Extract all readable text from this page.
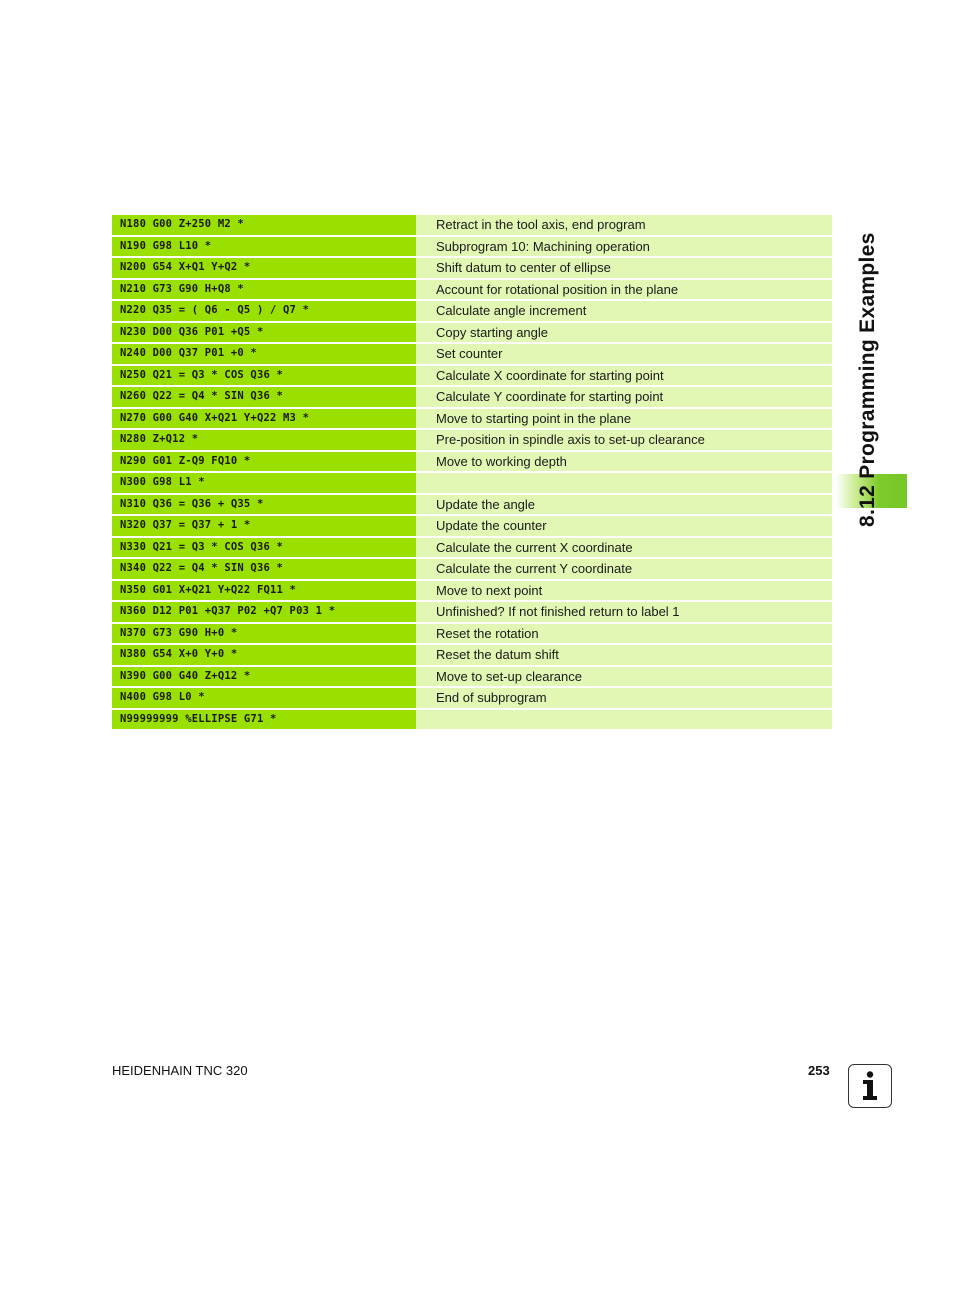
N180 G00 Z+250 M2 *	Retract in the tool axis, end program
N190 G98 L10 *	Subprogram 10: Machining operation
N200 G54 X+Q1 Y+Q2 *	Shift datum to center of ellipse
N210 G73 G90 H+Q8 *	Account for rotational position in the plane
N220 Q35 = ( Q6 - Q5 ) / Q7 *	Calculate angle increment
N230 D00 Q36 P01 +Q5 *	Copy starting angle
N240 D00 Q37 P01 +0 *	Set counter
N250 Q21 = Q3 * COS Q36 *	Calculate X coordinate for starting point
N260 Q22 = Q4 * SIN Q36 *	Calculate Y coordinate for starting point
N270 G00 G40 X+Q21 Y+Q22 M3 *	Move to starting point in the plane
N280 Z+Q12 *	Pre-position in spindle axis to set-up clearance
N290 G01 Z-Q9 FQ10 *	Move to working depth
N300 G98 L1 *
N310 Q36 = Q36 + Q35 *	Update the angle
N320 Q37 = Q37 + 1 *	Update the counter
N330 Q21 = Q3 * COS Q36 *	Calculate the current X coordinate
N340 Q22 = Q4 * SIN Q36 *	Calculate the current Y coordinate
N350 G01 X+Q21 Y+Q22 FQ11 *	Move to next point
N360 D12 P01 +Q37 P02 +Q7 P03 1 *	Unfinished? If not finished return to label 1
N370 G73 G90 H+0 *	Reset the rotation
N380 G54 X+0 Y+0 *	Reset the datum shift
N390 G00 G40 Z+Q12 *	Move to set-up clearance
N400 G98 L0 *	End of subprogram
N99999999 %ELLIPSE G71 *
8.12 Programming Examples
HEIDENHAIN TNC 320	253
